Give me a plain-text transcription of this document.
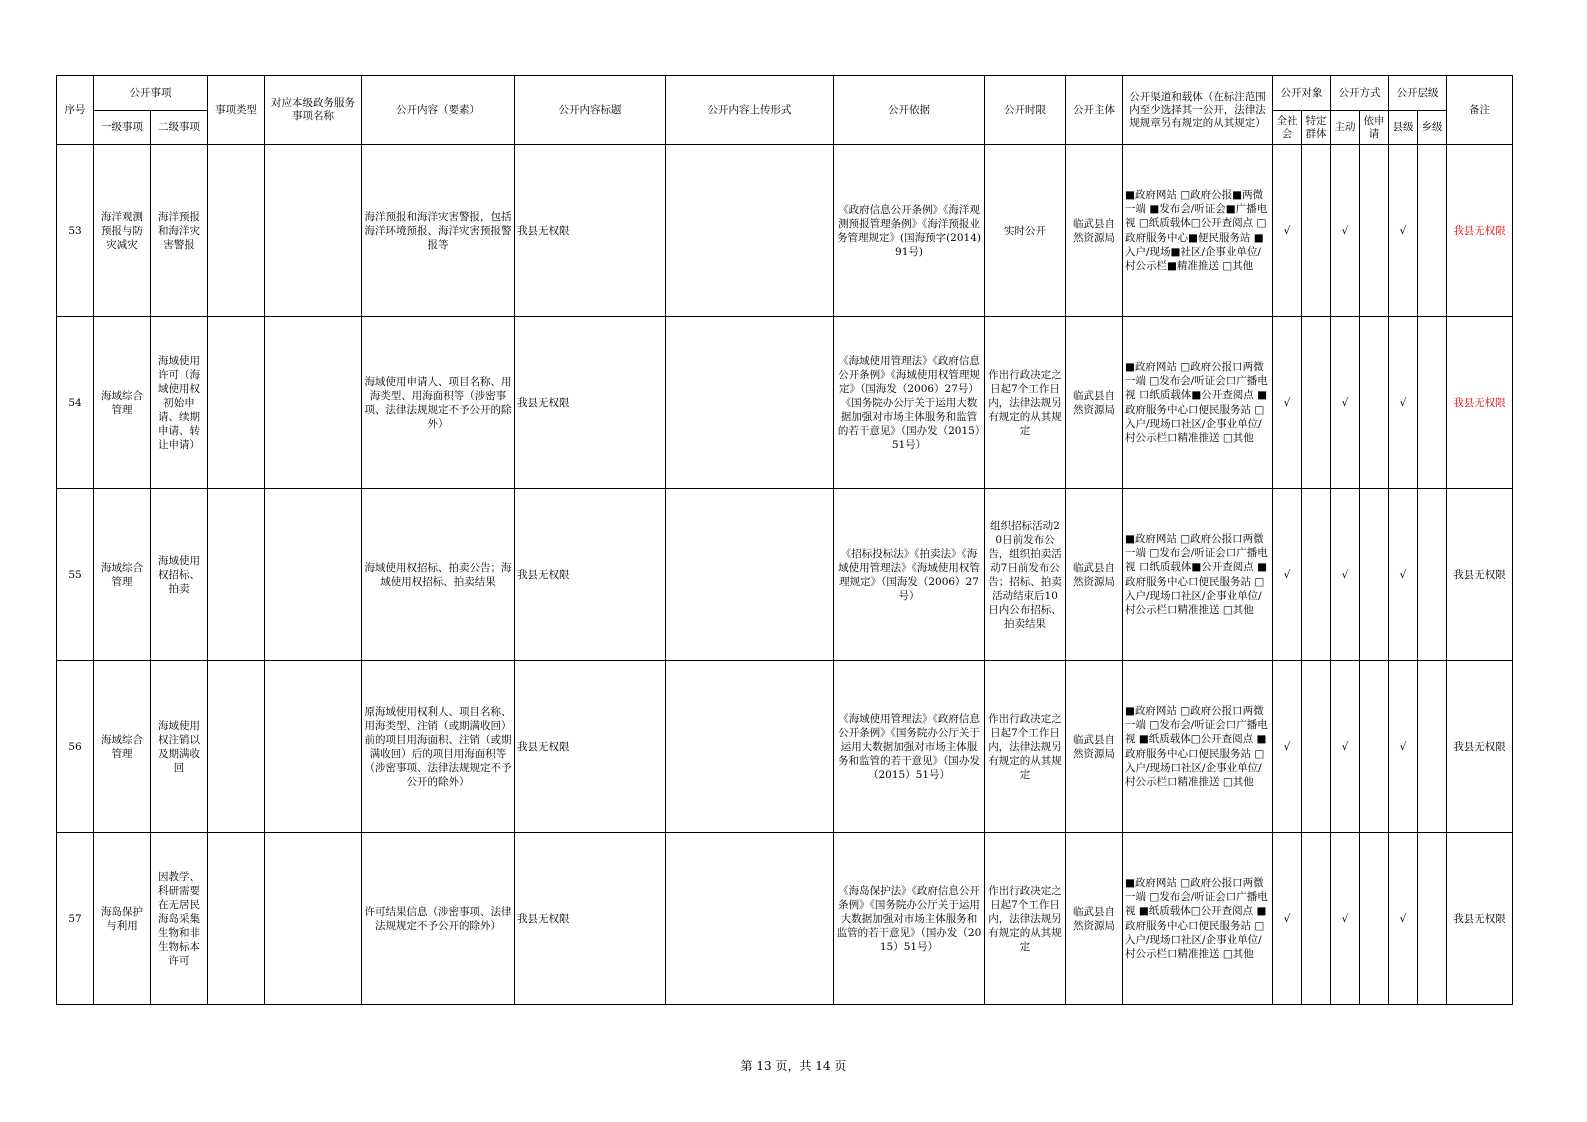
序号	公开事项		事项类型	对应本级政务服务事项名称	公开内容（要素）	公开内容标题	公开内容上传形式	公开依据	公开时限	公开主体	公开渠道和载体（在标注范围内至少选择其一公开，法律法规规章另有规定的从其规定）	公开对象		公开方式		公开层级		备注
	一级事项	二级事项										全社会	特定群体	主动	依申请	县级	乡级	
53	海洋观测预报与防灾减灾	海洋预报和海洋灾害警报			海洋预报和海洋灾害警报，包括海洋环境预报、海洋灾害预报警报等	我县无权限		《政府信息公开条例》《海洋观测预报管理条例》《海洋预报业务管理规定》(国海预字(2014)91号)	实时公开	临武县自然资源局	■政府网站 □政府公报■两微一端 ■发布会/听证会■广播电视 □纸质载体□公开查阅点 □政府服务中心■便民服务站 ■入户/现场■社区/企事业单位/村公示栏■精准推送 □其他	√		√		√		我县无权限
54	海域综合管理	海域使用许可（海域使用权初始申请、续期申请、转让申请）			海域使用申请人、项目名称、用海类型、用海面积等（涉密事项、法律法规规定不予公开的除外）	我县无权限		《海域使用管理法》《政府信息公开条例》《海域使用权管理规定》（国海发（2006）27号）《国务院办公厅关于运用大数据加强对市场主体服务和监管的若干意见》（国办发（2015）51号）	作出行政决定之日起7个工作日内，法律法规另有规定的从其规定	临武县自然资源局	■政府网站 □政府公报口两微一端 □发布会/听证会口广播电视 口纸质载体■公开查阅点 ■政府服务中心口便民服务站 □入户/现场口社区/企事业单位/村公示栏口精准推送 □其他	√		√		√		我县无权限
55	海域综合管理	海域使用权招标、拍卖			海域使用权招标、拍卖公告；海域使用权招标、拍卖结果	我县无权限		《招标投标法》《拍卖法》《海域使用管理法》《海域使用权管理规定》（国海发（2006）27号）	组织招标活动20日前发布公告，组织拍卖活动7日前发布公告；招标、拍卖活动结束后10日内公布招标、拍卖结果	临武县自然资源局	■政府网站 □政府公报口两微一端 □发布会/听证会口广播电视 口纸质载体■公开查阅点 ■政府服务中心口便民服务站 □入户/现场口社区/企事业单位/村公示栏口精准推送 □其他	√		√		√		我县无权限
56	海域综合管理	海域使用权注销以及期满收回			原海域使用权利人、项目名称、用海类型、注销（或期满收回）前的项目用海面积、注销（或期满收回）后的项目用海面积等（涉密事项、法律法规规定不予公开的除外）	我县无权限		《海域使用管理法》《政府信息公开条例》《国务院办公厅关于运用大数据加强对市场主体服务和监管的若干意见》（国办发（2015）51号）	作出行政决定之日起7个工作日内，法律法规另有规定的从其规定	临武县自然资源局	■政府网站 □政府公报口两微一端 □发布会/听证会口广播电视 ■纸质载体□公开查阅点 ■政府服务中心口便民服务站 □入户/现场口社区/企事业单位/村公示栏口精准推送 □其他	√		√		√		我县无权限
57	海岛保护与利用	因教学、科研需要在无居民海岛采集生物和非生物标本许可			许可结果信息（涉密事项、法律法规规定不予公开的除外）	我县无权限		《海岛保护法》《政府信息公开条例》《国务院办公厅关于运用大数据加强对市场主体服务和监管的若干意见》（国办发（2015）51号）	作出行政决定之日起7个工作日内，法律法规另有规定的从其规定	临武县自然资源局	■政府网站 □政府公报口两微一端 □发布会/听证会口广播电视 ■纸质载体□公开查阅点 ■政府服务中心口便民服务站 □入户/现场口社区/企事业单位/村公示栏口精准推送 □其他	√		√		√		我县无权限
第 13 页，共 14 页
